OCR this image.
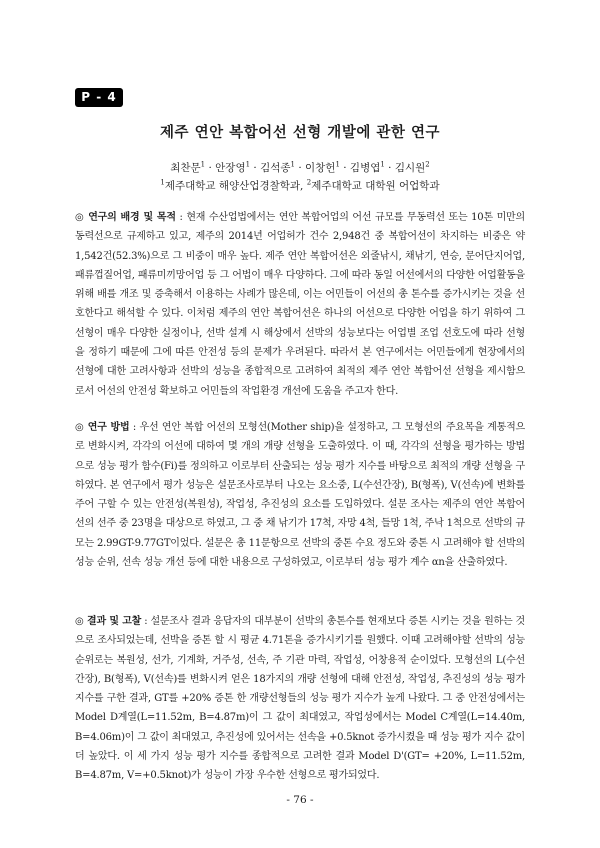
P - 4
제주 연안 복합어선 선형 개발에 관한 연구
최찬문$^1$ · 안장영$^1$ · 김석종$^1$ · 이창헌$^1$ · 김병엽$^1$ · 김시원$^2$
$^1$제주대학교 해양산업경찰학과, $^2$제주대학교 대학원 어업학과

◎ 연구의 배경 및 목적 : 현재 수산업법에서는 연안 복합어업의 어선 규모를 무동력선 또는 10톤 미만의 동력선으로 규제하고 있고, 제주의 2014년 어업허가 건수 2,948건 중 복합어선이 차지하는 비중은 약 1,542건(52.3%)으로 그 비중이 매우 높다. 제주 연안 복합어선은 외줄낚시, 채낚기, 연승, 문어단지어업, 패류껍질어업, 패류미끼망어업 등 그 어법이 매우 다양하다. 그에 따라 동일 어선에서의 다양한 어업활동을 위해 배를 개조 및 증축해서 이용하는 사례가 많은데, 이는 어민들이 어선의 총 톤수를 증가시키는 것을 선호한다고 해석할 수 있다. 이처럼 제주의 연안 복합어선은 하나의 어선으로 다양한 어업을 하기 위하여 그 선형이 매우 다양한 실정이나, 선박 설계 시 해상에서 선박의 성능보다는 어업별 조업 선호도에 따라 선형을 정하기 때문에 그에 따른 안전성 등의 문제가 우려된다. 따라서 본 연구에서는 어민들에게 현장에서의 선형에 대한 고려사항과 선박의 성능을 종합적으로 고려하여 최적의 제주 연안 복합어선 선형을 제시함으로서 어선의 안전성 확보하고 어민들의 작업환경 개선에 도움을 주고자 한다.

◎ 연구 방법 : 우선 연안 복합 어선의 모형선(Mother ship)을 설정하고, 그 모형선의 주요목을 계통적으로 변화시켜, 각각의 어선에 대하여 몇 개의 개량 선형을 도출하였다. 이 때, 각각의 선형을 평가하는 방법으로 성능 평가 함수(Fi)를 정의하고 이로부터 산출되는 성능 평가 지수를 바탕으로 최적의 개량 선형을 구하였다. 본 연구에서 평가 성능은 설문조사로부터 나오는 요소중, L(수선간장), B(형폭), V(선속)에 변화를 주어 구할 수 있는 안전성(복원성), 작업성, 추진성의 요소를 도입하였다. 설문 조사는 제주의 연안 복합어선의 선주 중 23명을 대상으로 하였고, 그 중 채 낚기가 17척, 자망 4척, 들망 1척, 주낙 1척으로 선박의 규모는 2.99GT-9.77GT이었다. 설문은 총 11문항으로 선박의 중톤 수요 정도와 중톤 시 고려해야 할 선박의 성능 순위, 선속 성능 개선 등에 대한 내용으로 구성하였고, 이로부터 성능 평가 계수 αn을 산출하였다.

◎ 결과 및 고찰 : 설문조사 결과 응답자의 대부분이 선박의 총톤수를 현재보다 증톤 시키는 것을 원하는 것으로 조사되었는데, 선박을 증톤 할 시 평균 4.71톤을 증가시키기를 원했다. 이때 고려해야할 선박의 성능 순위로는 복원성, 선가, 기계화, 거주성, 선속, 주 기관 마력, 작업성, 어창용적 순이었다. 모형선의 L(수선간장), B(형폭), V(선속)를 변화시켜 얻은 18가지의 개량 선형에 대해 안전성, 작업성, 추진성의 성능 평가 지수를 구한 결과, GT를 +20% 증톤 한 개량선형들의 성능 평가 지수가 높게 나왔다. 그 중 안전성에서는 Model D계열(L=11.52m, B=4.87m)이 그 값이 최대였고, 작업성에서는 Model C계열(L=14.40m, B=4.06m)이 그 값이 최대였고, 추진성에 있어서는 선속을 +0.5knot 증가시켰을 때 성능 평가 지수 값이 더 높았다. 이 세 가지 성능 평가 지수를 종합적으로 고려한 결과 Model D'(GT= +20%, L=11.52m, B=4.87m, V=+0.5knot)가 성능이 가장 우수한 선형으로 평가되었다.

- 76 -
